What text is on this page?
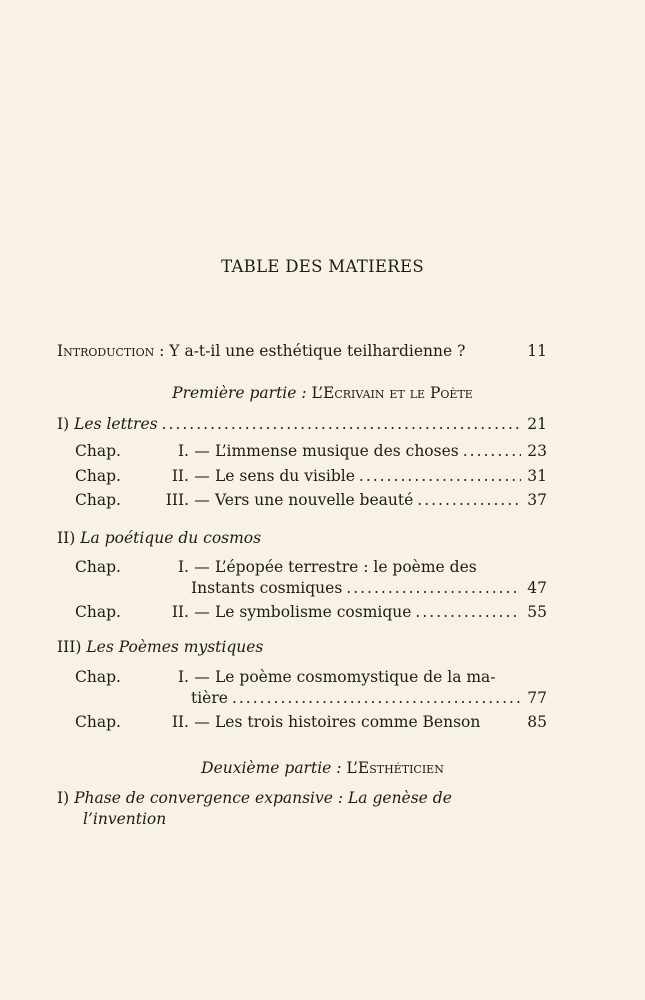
TABLE DES MATIERES
Introduction : Y a-t-il une esthétique teilhardienne ?	11
Première partie : L’Ecrivain et le Poète
I)
Les lettres .....	21
Chap.	I. — L’immense musique des choses .....	23
Chap.	II. — Le sens du visible .....	31
Chap.	III. — Vers une nouvelle beauté .....	37
II)
La poétique du cosmos
Chap.	I. — L’épopée terrestre : le poème des
Instants cosmiques .....	47
Chap.	II. — Le symbolisme cosmique .....	55
III)
Les Poèmes mystiques
Chap.	I. — Le poème cosmomystique de la ma-
tière .....	77
Chap.	II. — Les trois histoires comme Benson	85
Deuxième partie : L’Esthéticien
I)
Phase de convergence expansive : La genèse de
l’invention
